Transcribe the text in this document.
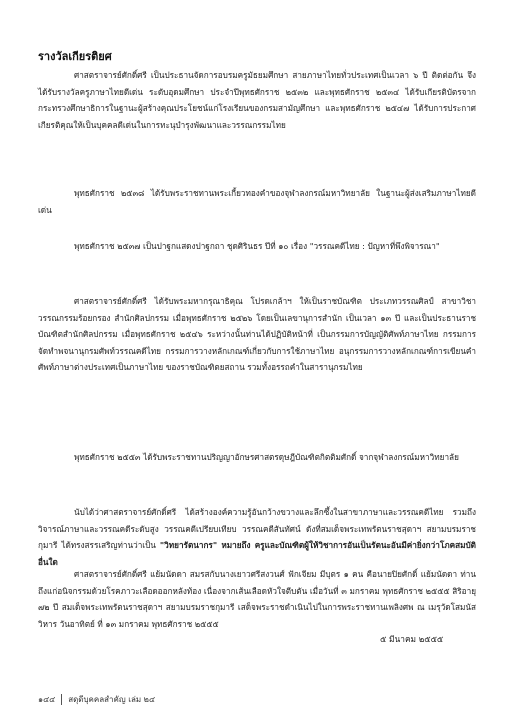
รางวัลเกียรติยศ

ศาสตราจารย์ศักดิ์ศรี เป็นประธานจัดการอบรมครูมัธยมศึกษา สายภาษาไทยทั่วประเทศเป็นเวลา ๖ ปี ติดต่อกัน จึงได้รับรางวัลครูภาษาไทยดีเด่น ระดับอุดมศึกษา ประจำปีพุทธศักราช ๒๕๓๒ และพุทธศักราช ๒๕๓๔ ได้รับเกียรติบัตรจากกระทรวงศึกษาธิการในฐานะผู้สร้างคุณประโยชน์แก่โรงเรียนของกรมสามัญศึกษา และพุทธศักราช ๒๕๔๗ ได้รับการประกาศเกียรติคุณให้เป็นบุคคลดีเด่นในการทะนุบำรุงพัฒนาและวรรณกรรมไทย

พุทธศักราช ๒๕๓๘ ได้รับพระราชทานพระเกี้ยวทองคำของจุฬาลงกรณ์มหาวิทยาลัย ในฐานะผู้ส่งเสริมภาษาไทยดีเด่น

พุทธศักราช ๒๕๓๗ เป็นปาฐกแสดงปาฐกถา ชุดศิรินธร ปีที่ ๑๐ เรื่อง "วรรณคดีไทย : ปัญหาที่พึงพิจารณา"

ศาสตราจารย์ศักดิ์ศรี ได้รับพระมหากรุณาธิคุณ โปรดเกล้าฯ ให้เป็นราชบัณฑิต ประเภทวรรณศิลป์ สาขาวิชาวรรณกรรมร้อยกรอง สำนักศิลปกรรม เมื่อพุทธศักราช ๒๕๒๖ โดยเป็นเลขานุการสำนัก เป็นเวลา ๑๓ ปี และเป็นประธานราชบัณฑิตสำนักศิลปกรรม เมื่อพุทธศักราช ๒๕๔๖ ระหว่างนั้นท่านได้ปฏิบัติหน้าที่ เป็นกรรมการบัญญัติศัพท์ภาษาไทย กรรมการจัดทำพจนานุกรมศัพท์วรรณคดีไทย กรรมการวางหลักเกณฑ์เกี่ยวกับการใช้ภาษาไทย อนุกรรมการวางหลักเกณฑ์การเขียนคำศัพท์ภาษาต่างประเทศเป็นภาษาไทย ของราชบัณฑิตยสถาน รวมทั้งอรรถคำในสารานุกรมไทย

พุทธศักราช ๒๕๕๓ ได้รับพระราชทานปริญญาอักษรศาสตรดุษฎีบัณฑิตกิตติมศักดิ์ จากจุฬาลงกรณ์มหาวิทยาลัย

นับได้ว่าศาสตราจารย์ศักดิ์ศรี ได้สร้างองค์ความรู้อันกว้างขวางและลึกซึ้งในสาขาภาษาและวรรณคดีไทย รวมถึงวิจารณ์ภาษาและวรรณคดีระดับสูง วรรณคดีเปรียบเทียบ วรรณคดีสันทัศน์ ดังที่สมเด็จพระเทพรัตนราชสุดาฯ สยามบรมราชกุมารี ได้ทรงสรรเสริญท่านว่าเป็น "วิทยารัตนากร" หมายถึง ครูและบัณฑิตผู้ให้วิชาการอันเป็นรัตนะอันมีค่ายิ่งกว่าโภคสมบัติอื่นใด

ศาสตราจารย์ศักดิ์ศรี แย้มนัดดา สมรสกับนางเยาวศรีสงวนศ์ ฟักเจียม มีบุตร ๑ คน คือนายปิยศักดิ์ แย้มนัดดา ท่านถึงแก่อนิจกรรมด้วยโรคภาวะเลือดออกหลังท้อง เนื่องจากเส้นเลือดหัวใจตีบตัน เมื่อวันที่ ๓ มกราคม พุทธศักราช ๒๕๕๕ สิริอายุ ๗๒ ปี สมเด็จพระเทพรัตนราชสุดาฯ สยามบรมราชกุมารี เสด็จพระราชดำเนินไปในการพระราชทานเพลิงศพ ณ เมรุวัดโสมนัสวิหาร วันอาทิตย์ ที่ ๑๓ มกราคม พุทธศักราช ๒๕๕๕

๕ มีนาคม ๒๕๕๕
๑๔๔ สดุดีบุคคลสำคัญ เล่ม ๒๔
